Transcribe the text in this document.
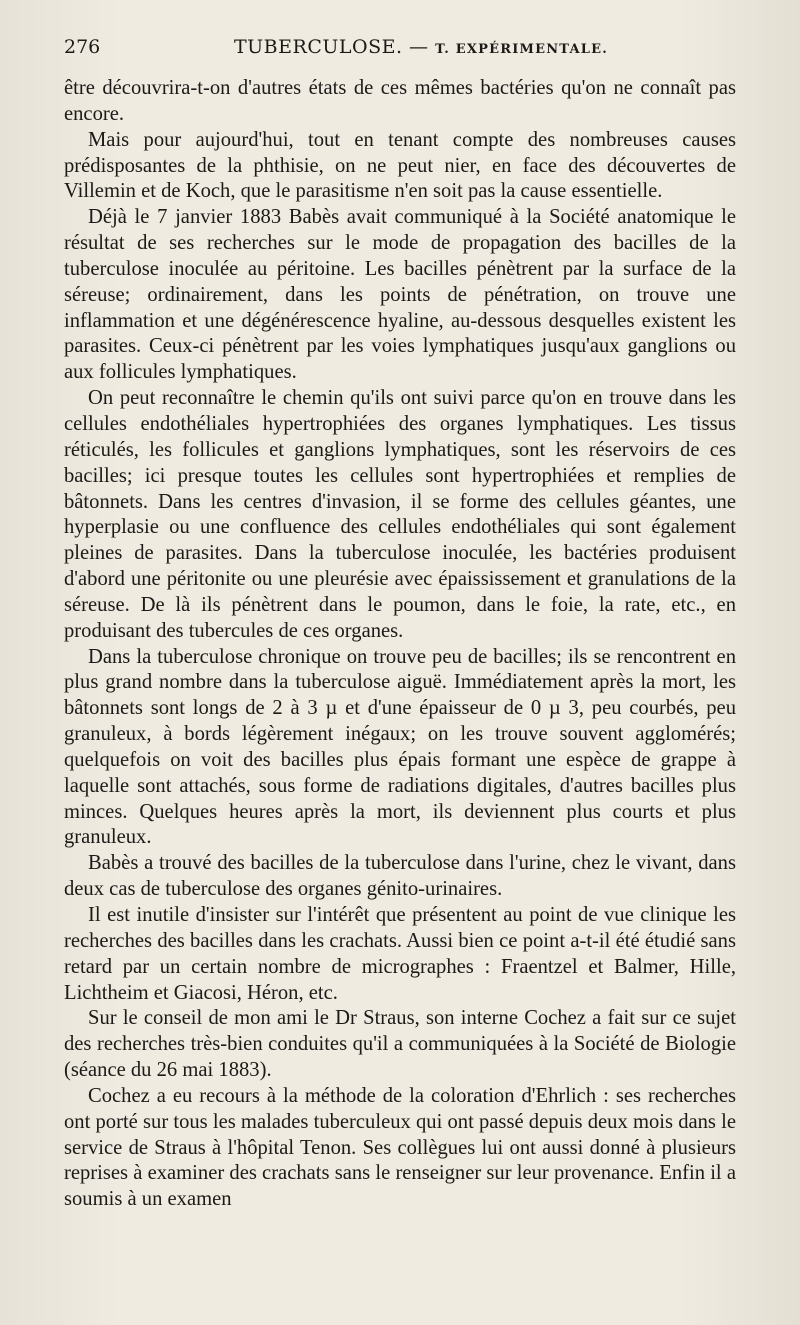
276	TUBERCULOSE. — T. EXPÉRIMENTALE.

être découvrira-t-on d'autres états de ces mêmes bactéries qu'on ne connaît pas encore.

Mais pour aujourd'hui, tout en tenant compte des nombreuses causes prédisposantes de la phthisie, on ne peut nier, en face des découvertes de Villemin et de Koch, que le parasitisme n'en soit pas la cause essentielle.

Déjà le 7 janvier 1883 Babès avait communiqué à la Société anatomique le résultat de ses recherches sur le mode de propagation des bacilles de la tuberculose inoculée au péritoine. Les bacilles pénètrent par la surface de la séreuse; ordinairement, dans les points de pénétration, on trouve une inflammation et une dégénérescence hyaline, au-dessous desquelles existent les parasites. Ceux-ci pénètrent par les voies lymphatiques jusqu'aux ganglions ou aux follicules lymphatiques.

On peut reconnaître le chemin qu'ils ont suivi parce qu'on en trouve dans les cellules endothéliales hypertrophiées des organes lymphatiques. Les tissus réticulés, les follicules et ganglions lymphatiques, sont les réservoirs de ces bacilles; ici presque toutes les cellules sont hypertrophiées et remplies de bâtonnets. Dans les centres d'invasion, il se forme des cellules géantes, une hyperplasie ou une confluence des cellules endothéliales qui sont également pleines de parasites. Dans la tuberculose inoculée, les bactéries produisent d'abord une péritonite ou une pleurésie avec épaississement et granulations de la séreuse. De là ils pénètrent dans le poumon, dans le foie, la rate, etc., en produisant des tubercules de ces organes.

Dans la tuberculose chronique on trouve peu de bacilles; ils se rencontrent en plus grand nombre dans la tuberculose aiguë. Immédiatement après la mort, les bâtonnets sont longs de 2 à 3 µ et d'une épaisseur de 0 µ 3, peu courbés, peu granuleux, à bords légèrement inégaux; on les trouve souvent agglomérés; quelquefois on voit des bacilles plus épais formant une espèce de grappe à laquelle sont attachés, sous forme de radiations digitales, d'autres bacilles plus minces. Quelques heures après la mort, ils deviennent plus courts et plus granuleux.

Babès a trouvé des bacilles de la tuberculose dans l'urine, chez le vivant, dans deux cas de tuberculose des organes génito-urinaires.

Il est inutile d'insister sur l'intérêt que présentent au point de vue clinique les recherches des bacilles dans les crachats. Aussi bien ce point a-t-il été étudié sans retard par un certain nombre de micrographes : Fraentzel et Balmer, Hille, Lichtheim et Giacosi, Héron, etc.

Sur le conseil de mon ami le Dr Straus, son interne Cochez a fait sur ce sujet des recherches très-bien conduites qu'il a communiquées à la Société de Biologie (séance du 26 mai 1883).

Cochez a eu recours à la méthode de la coloration d'Ehrlich : ses recherches ont porté sur tous les malades tuberculeux qui ont passé depuis deux mois dans le service de Straus à l'hôpital Tenon. Ses collègues lui ont aussi donné à plusieurs reprises à examiner des crachats sans le renseigner sur leur provenance. Enfin il a soumis à un examen
